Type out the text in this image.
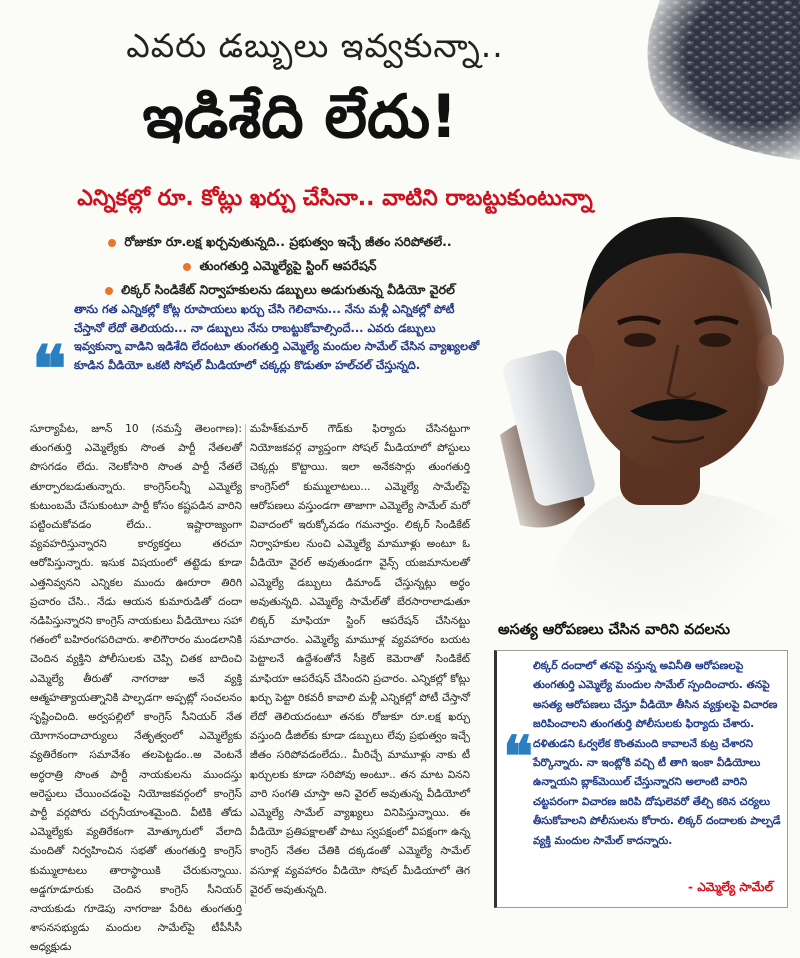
ఎవరు డబ్బులు ఇవ్వకున్నా..
ఇడిశేది లేదు!
ఎన్నికల్లో రూ. కోట్లు ఖర్చు చేసినా.. వాటిని రాబట్టుకుంటున్నా
రోజుకూ రూ.లక్ష ఖర్చవుతున్నది.. ప్రభుత్వం ఇచ్చే జీతం సరిపోతలే..
తుంగతుర్తి ఎమ్మెల్యేపై స్టింగ్ ఆపరేషన్
లిక్కర్ సిండికేట్ నిర్వాహకులను డబ్బులు అడుగుతున్న వీడియో వైరల్
❝
తాను గత ఎన్నికల్లో కోట్ల రూపాయలు ఖర్చు చేసి గెలిచాను... నేను మళ్లీ ఎన్నికల్లో పోటీ చేస్తానో లేదో తెలియదు... నా డబ్బులు నేను రాబట్టుకోవాల్సిందే... ఎవరు డబ్బులు ఇవ్వకున్నా వాడిని ఇడిశేది లేదంటూ తుంగతుర్తి ఎమ్మెల్యే మందుల సామేల్ చేసిన వ్యాఖ్యలతో కూడిన వీడియో ఒకటి సోషల్ మీడియాలో చక్కర్లు కొడుతూ హల్‌చల్ చేస్తున్నది.
సూర్యాపేట, జూన్ 10 (నమస్తే తెలంగాణ): తుంగతుర్తి ఎమ్మెల్యేకు సొంత పార్టీ నేతలతో పొసగడం లేదు. నెలకోసారి సొంత పార్టీ నేతలే తూర్పారబడుతున్నారు. కాంగ్రెస్‌లన్నీ ఎమ్మెల్యే కుటుంబమే చేసుకుంటూ పార్టీ కోసం కష్టపడిన వారిని పట్టించుకోవడం లేదు.. ఇష్టారాజ్యంగా వ్యవహరిస్తున్నారని కార్యకర్తలు తరచూ ఆరోపిస్తున్నారు. ఇసుక విషయంలో తట్టెడు కూడా ఎత్తనివ్వనని ఎన్నికల ముందు ఊరూరా తిరిగి ప్రచారం చేసి.. నేడు ఆయన కుమారుడితో దందా నడిపిస్తున్నారని కాంగ్రెస్ నాయకులు వీడియోలు సహా గతంలో బహిరంగపరిచారు. శాలిగౌరారం మండలానికి చెందిన వ్యక్తిని పోలీసులకు చెప్పి చితక బాదించి ఎమ్మెల్యే తీరుతో నాగరాజు అనే వ్యక్తి ఆత్మహత్యాయత్నానికి పాల్పడగా అప్పట్లో సంచలనం సృష్టించింది. అర్వపల్లిలో కాంగ్రెస్ సీనియర్ నేత యోగానందాచార్యులు నేతృత్వంలో ఎమ్మెల్యేకు వ్యతిరేకంగా సమావేశం తలపెట్టడం..అ వెంటనే అర్ధరాత్రి సొంత పార్టీ నాయకులను ముందస్తు అరెస్టులు చేయించడంపై నియోజకవర్గంలో కాంగ్రెస్ పార్టీ వర్గపోరు చర్చనీయాంశమైంది. వీటికి తోడు ఎమ్మెల్యేకు వ్యతిరేకంగా మోత్కూరులో వేలాది మందితో నిర్వహించిన సభతో తుంగతుర్తి కాంగ్రెస్ కుమ్ములాటలు తారాస్థాయికి చేరుకున్నాయి. అడ్డగూడూరుకు చెందిన కాంగ్రెస్ సీనియర్ నాయకుడు గూడెపు నాగరాజు పేరిట తుంగతుర్తి శాసనసభ్యుడు మందుల సామేల్‌పై టీపీసీసీ అధ్యక్షుడు
మహేశ్‌కుమార్ గౌడ్‌కు ఫిర్యాదు చేసినట్టుగా నియోజకవర్గ వ్యాప్తంగా సోషల్ మీడియాలో పోస్టులు చెక్కర్లు కొట్టాయి. ఇలా అనేకసార్లు తుంగతుర్తి కాంగ్రెస్‌లో కుమ్ములాటలు... ఎమ్మెల్యే సామేల్‌పై ఆరోపణలు వస్తుండగా తాజాగా ఎమ్మెల్యే సామేల్ మరో వివాదంలో ఇరుక్కోవడం గమనార్హం. లిక్కర్ సిండికేట్ నిర్వాహకుల నుంచి ఎమ్మెల్యే మామూళ్లు అంటూ ఓ వీడియో వైరల్ అవుతుండగా వైన్స్ యజమానులతో ఎమ్మెల్యే డబ్బులు డిమాండ్ చేస్తున్నట్లు అర్థం అవుతున్నది. ఎమ్మెల్యే సామేల్‌తో బేరసారాలాడుతూ లిక్కర్ మాఫియా స్టింగ్ ఆపరేషన్ చేసినట్టు సమాచారం. ఎమ్మెల్యే మామూళ్ల వ్యవహారం బయట పెట్టాలనే ఉద్దేశంతోనే సీక్రెట్ కెమెరాతో సిండికేట్ మాఫియా ఆపరేషన్ చేసిందని ప్రచారం. ఎన్నికల్లో కోట్లు ఖర్చు పెట్టా రికవరీ కావాలి మళ్లీ ఎన్నికల్లో పోటీ చేస్తానో లేదో తెలియదంటూ తనకు రోజుకూ రూ.లక్ష ఖర్చు వస్తుంది డీజిల్‌కు కూడా డబ్బులు లేవు ప్రభుత్వం ఇచ్చే జీతం సరిపోవడంలేదు.. మీరిచ్చే మామూళ్లు నాకు టీ ఖర్చులకు కూడా సరిపోవు అంటూ.. తన మాట వినని వారి సంగతి చూస్తా అని వైరల్ అవుతున్న వీడియోలో ఎమ్మెల్యే సామేల్ వ్యాఖ్యలు వినిపిస్తున్నాయి. ఈ వీడియో ప్రతిపక్షాలతో పాటు స్వపక్షంలో విపక్షంగా ఉన్న కాంగ్రెస్ నేతల చేతికి దక్కడంతో ఎమ్మెల్యే సామేల్ వసూళ్ల వ్యవహారం వీడియో సోషల్ మీడియాలో తెగ వైరల్ అవుతున్నది.
అసత్య ఆరోపణలు చేసిన వారిని వదలను
❝
లిక్కర్ దందాలో తనపై వస్తున్న అవినీతి ఆరోపణలపై తుంగతుర్తి ఎమ్మెల్యే మందుల సామేల్ స్పందించారు. తనపై అసత్య ఆరోపణలు చేస్తూ వీడియో తీసిన వ్యక్తులపై విచారణ జరిపించాలని తుంగతుర్తి పోలీసులకు ఫిర్యాదు చేశారు. దళితుడని ఓర్వలేక కొంతమంది కావాలనే కుట్ర చేశారని పేర్కొన్నారు. నా ఇంట్లోకి వచ్చి టీ తాగి ఇంకా వీడియోలు ఉన్నాయని బ్లాక్‌మెయిల్ చేస్తున్నారని అలాంటి వారిని చట్టపరంగా విచారణ జరిపి దోషులెవరో తేల్చి కఠిన చర్యలు తీసుకోవాలని పోలీసులను కోరారు. లిక్కర్ దందాలకు పాల్పడే వ్యక్తి మందుల సామేల్ కాదన్నారు.
- ఎమ్మెల్యే సామేల్
